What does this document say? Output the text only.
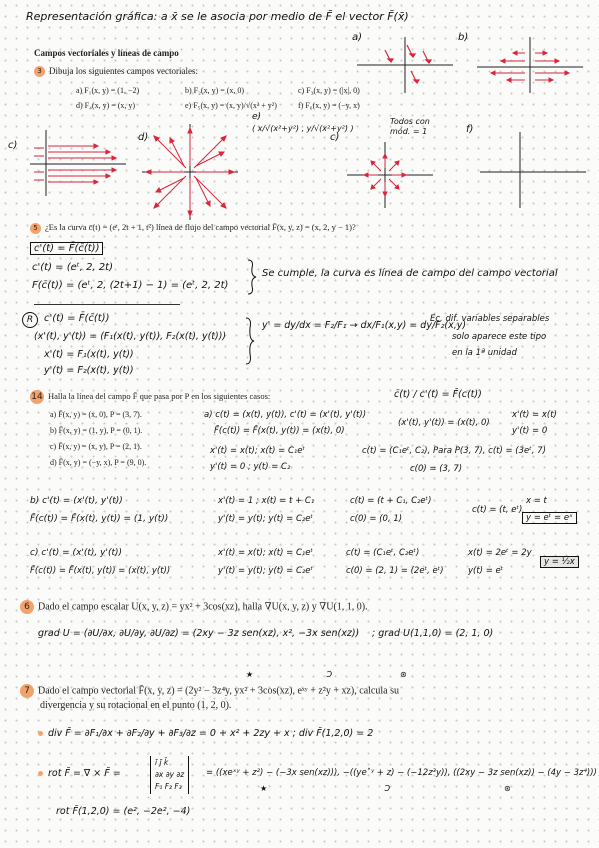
Representación gráfica: a x̄ se le asocia por medio de F̄ el vector F̄(x̄)
a)	b)
Campos vectoriales y líneas de campo
3 Dibuja los siguientes campos vectoriales:
a) F₁(x, y) = (1, −2)	b) F₂(x, y) = (x, 0)	c) F₃(x, y) = (|x|, 0)
d) F₄(x, y) = (x, y)	e) F₅(x, y) = (x, y)/√(x² + y²)	f) F₆(x, y) = (−y, x)
c)
d)
( x/√(x²+y²) , y/√(x²+y²) )
e)
c)
Todos con
mód. = 1	f)
5 ¿Es la curva c̄(t) = (eᵗ, 2t + 1, t²) línea de flujo del campo vectorial F̄(x, y, z) = (x, 2, y − 1)?
c'(t) = F̄(c̄(t))
c'(t) = (eᵗ, 2, 2t)
F(c̄(t)) = (eᵗ, 2, (2t+1) − 1) = (eᵗ, 2, 2t)
Se cumple, la curva es línea de campo del campo vectorial
R	c'(t) = F̄(c̄(t))
(x'(t), y'(t)) = (F₁(x(t), y(t)), F₂(x(t), y(t)))
x'(t) = F₁(x(t), y(t))
y'(t) = F₂(x(t), y(t))
y' = dy/dx = F₂/F₁ → dx/F₁(x,y) = dy/F₂(x,y)
Ec. dif. variables separables
solo aparece este tipo
en la 1ª unidad
14 Halla la línea del campo F̄ que pasa por P en los siguientes casos:	c̄(t) / c'(t) = F̄(c(t))
a) F̄(x, y) = (x, 0), P = (3, 7).
b) F̄(x, y) = (1, y), P = (0, 1).
c) F̄(x, y) = (x, y), P = (2, 1).
d) F̄(x, y) = (−y, x), P = (9, 0).
a) c(t) = (x(t), y(t)), c'(t) = (x'(t), y'(t))
F̄(c(t)) = F̄(x(t), y(t)) = (x(t), 0)
(x'(t), y'(t)) = (x(t), 0)
x'(t) = x(t)
y'(t) = 0
x'(t) = x(t); x(t) = C₁eᵗ
y'(t) = 0 ; y(t) = C₂
c(t) = (C₁eᵗ, C₂), Para P(3, 7), c(t) = (3eᵗ, 7)
c(0) = (3, 7)
b) c'(t) = (x'(t), y'(t))
F̄(c(t)) = F̄(x(t), y(t)) = (1, y(t))
x'(t) = 1 ; x(t) = t + C₁
y'(t) = y(t); y(t) = C₂eᵗ
c(t) = (t + C₁, C₂eᵗ)
c(0) = (0, 1)
c(t) = (t, eᵗ)
x = t
y = eᵗ = eˣ
c) c'(t) = (x'(t), y'(t))
F̄(c(t)) = F̄(x(t), y(t)) = (x(t), y(t))
x'(t) = x(t); x(t) = C₁eᵗ
y'(t) = y(t); y(t) = C₂eᵗ
c(t) = (C₁eᵗ, C₂eᵗ)
c(0) = (2, 1) = (2eᵗ, eᵗ)
x(t) = 2eᵗ = 2y
y(t) = eᵗ
y = ½x
6 Dado el campo escalar U(x, y, z) = yx² + 3cos(xz), halla ∇U(x, y, z) y ∇U(1, 1, 0).
grad U = (∂U/∂x, ∂U/∂y, ∂U/∂z) = (2xy − 3z sen(xz), x², −3x sen(xz)) ; grad U(1,1,0) = (2, 1, 0)
★	Ↄ	⊛
7 Dado el campo vectorial F̄(x, y, z) = (2y² − 3z⁴y, yx² + 3cos(xz), eˣʸ + z²y + xz), calcula su
divergencia y su rotacional en el punto (1, 2, 0).
div F̄ = ∂F₁/∂x + ∂F₂/∂y + ∂F₃/∂z = 0 + x² + 2zy + x ; div F̄(1,2,0) = 2
rot F̄ = ∇ × F̄ =
ī j̄ k̄
∂x ∂y ∂z
F₁ F₂ F₃
= ((xeˣʸ + z²) − (−3x sen(xz))), −((ye˟ʸ + z) − (−12z³y)), ((2xy − 3z sen(xz)) − (4y − 3z⁴)))
★	Ↄ	⊛
rot F̄(1,2,0) = (e², −2e², −4)
